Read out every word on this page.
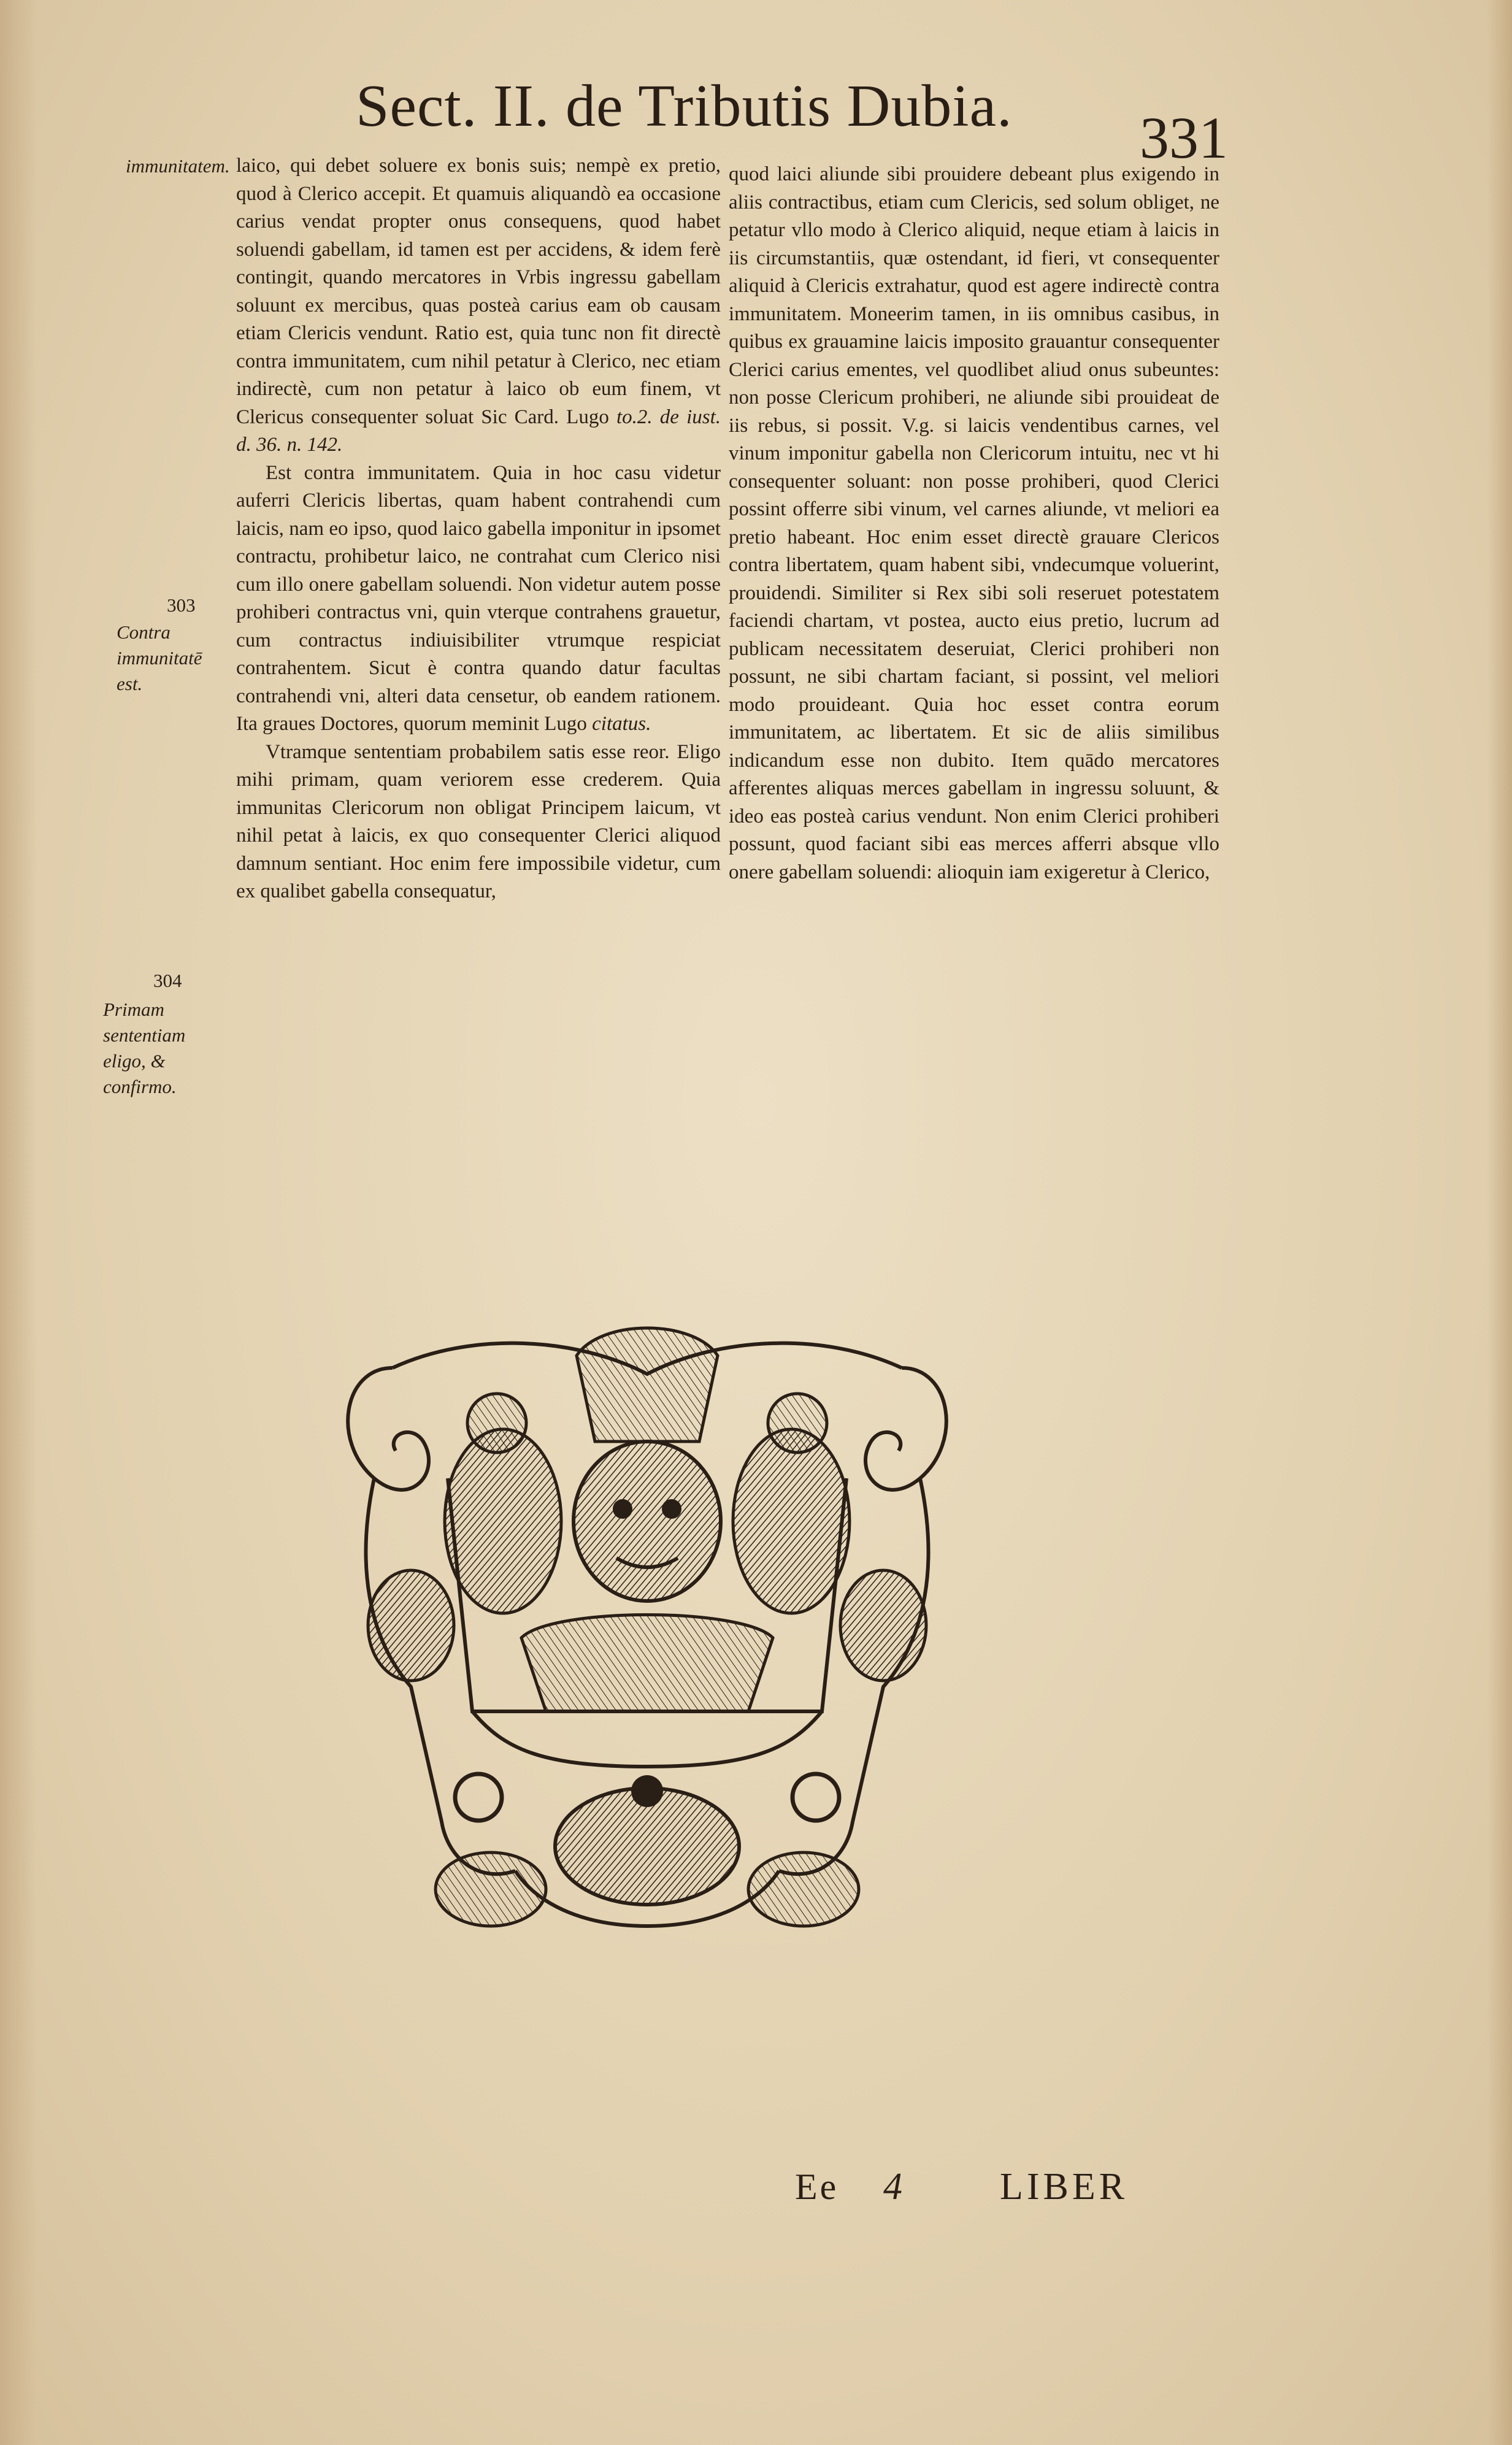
Sect. II. de Tributis Dubia.	331
immunitatem.
303
Contra immunitatē est.
304
Primam sententiam eligo, & confirmo.

laico, qui debet soluere ex bonis suis; nempè ex pretio, quod à Clerico accepit. Et quamuis aliquandò ea occasione carius vendat propter onus consequens, quod habet soluendi gabellam, id tamen est per accidens, & idem ferè contingit, quando mercatores in Vrbis ingressu gabellam soluunt ex mercibus, quas posteà carius eam ob causam etiam Clericis vendunt. Ratio est, quia tunc non fit directè contra immunitatem, cum nihil petatur à Clerico, nec etiam indirectè, cum non petatur à laico ob eum finem, vt Clericus consequenter soluat Sic Card. Lugo to.2. de iust. d. 36. n. 142.

Est contra immunitatem. Quia in hoc casu videtur auferri Clericis libertas, quam habent contrahendi cum laicis, nam eo ipso, quod laico gabella imponitur in ipsomet contractu, prohibetur laico, ne contrahat cum Clerico nisi cum illo onere gabellam soluendi. Non videtur autem posse prohiberi contractus vni, quin vterque contrahens grauetur, cum contractus indiuisibiliter vtrumque respiciat contrahentem. Sicut è contra quando datur facultas contrahendi vni, alteri data censetur, ob eandem rationem. Ita graues Doctores, quorum meminit Lugo citatus.

Vtramque sententiam probabilem satis esse reor. Eligo mihi primam, quam veriorem esse crederem. Quia immunitas Clericorum non obligat Principem laicum, vt nihil petat à laicis, ex quo consequenter Clerici aliquod damnum sentiant. Hoc enim fere impossibile videtur, cum ex qualibet gabella consequatur,

quod laici aliunde sibi prouidere debeant plus exigendo in aliis contractibus, etiam cum Clericis, sed solum obliget, ne petatur vllo modo à Clerico aliquid, neque etiam à laicis in iis circumstantiis, quæ ostendant, id fieri, vt consequenter aliquid à Clericis extrahatur, quod est agere indirectè contra immunitatem. Moneerim tamen, in iis omnibus casibus, in quibus ex grauamine laicis imposito grauantur consequenter Clerici carius ementes, vel quodlibet aliud onus subeuntes: non posse Clericum prohiberi, ne aliunde sibi prouideat de iis rebus, si possit. V.g. si laicis vendentibus carnes, vel vinum imponitur gabella non Clericorum intuitu, nec vt hi consequenter soluant: non posse prohiberi, quod Clerici possint offerre sibi vinum, vel carnes aliunde, vt meliori ea pretio habeant. Hoc enim esset directè grauare Clericos contra libertatem, quam habent sibi, vndecumque voluerint, prouidendi. Similiter si Rex sibi soli reseruet potestatem faciendi chartam, vt postea, aucto eius pretio, lucrum ad publicam necessitatem deseruiat, Clerici prohiberi non possunt, ne sibi chartam faciant, si possint, vel meliori modo prouideant. Quia hoc esset contra eorum immunitatem, ac libertatem. Et sic de aliis similibus indicandum esse non dubito. Item quādo mercatores afferentes aliquas merces gabellam in ingressu soluunt, & ideo eas posteà carius vendunt. Non enim Clerici prohiberi possunt, quod faciant sibi eas merces afferri absque vllo onere gabellam soluendi: alioquin iam exigeretur à Clerico,

Ee	4	LIBER
